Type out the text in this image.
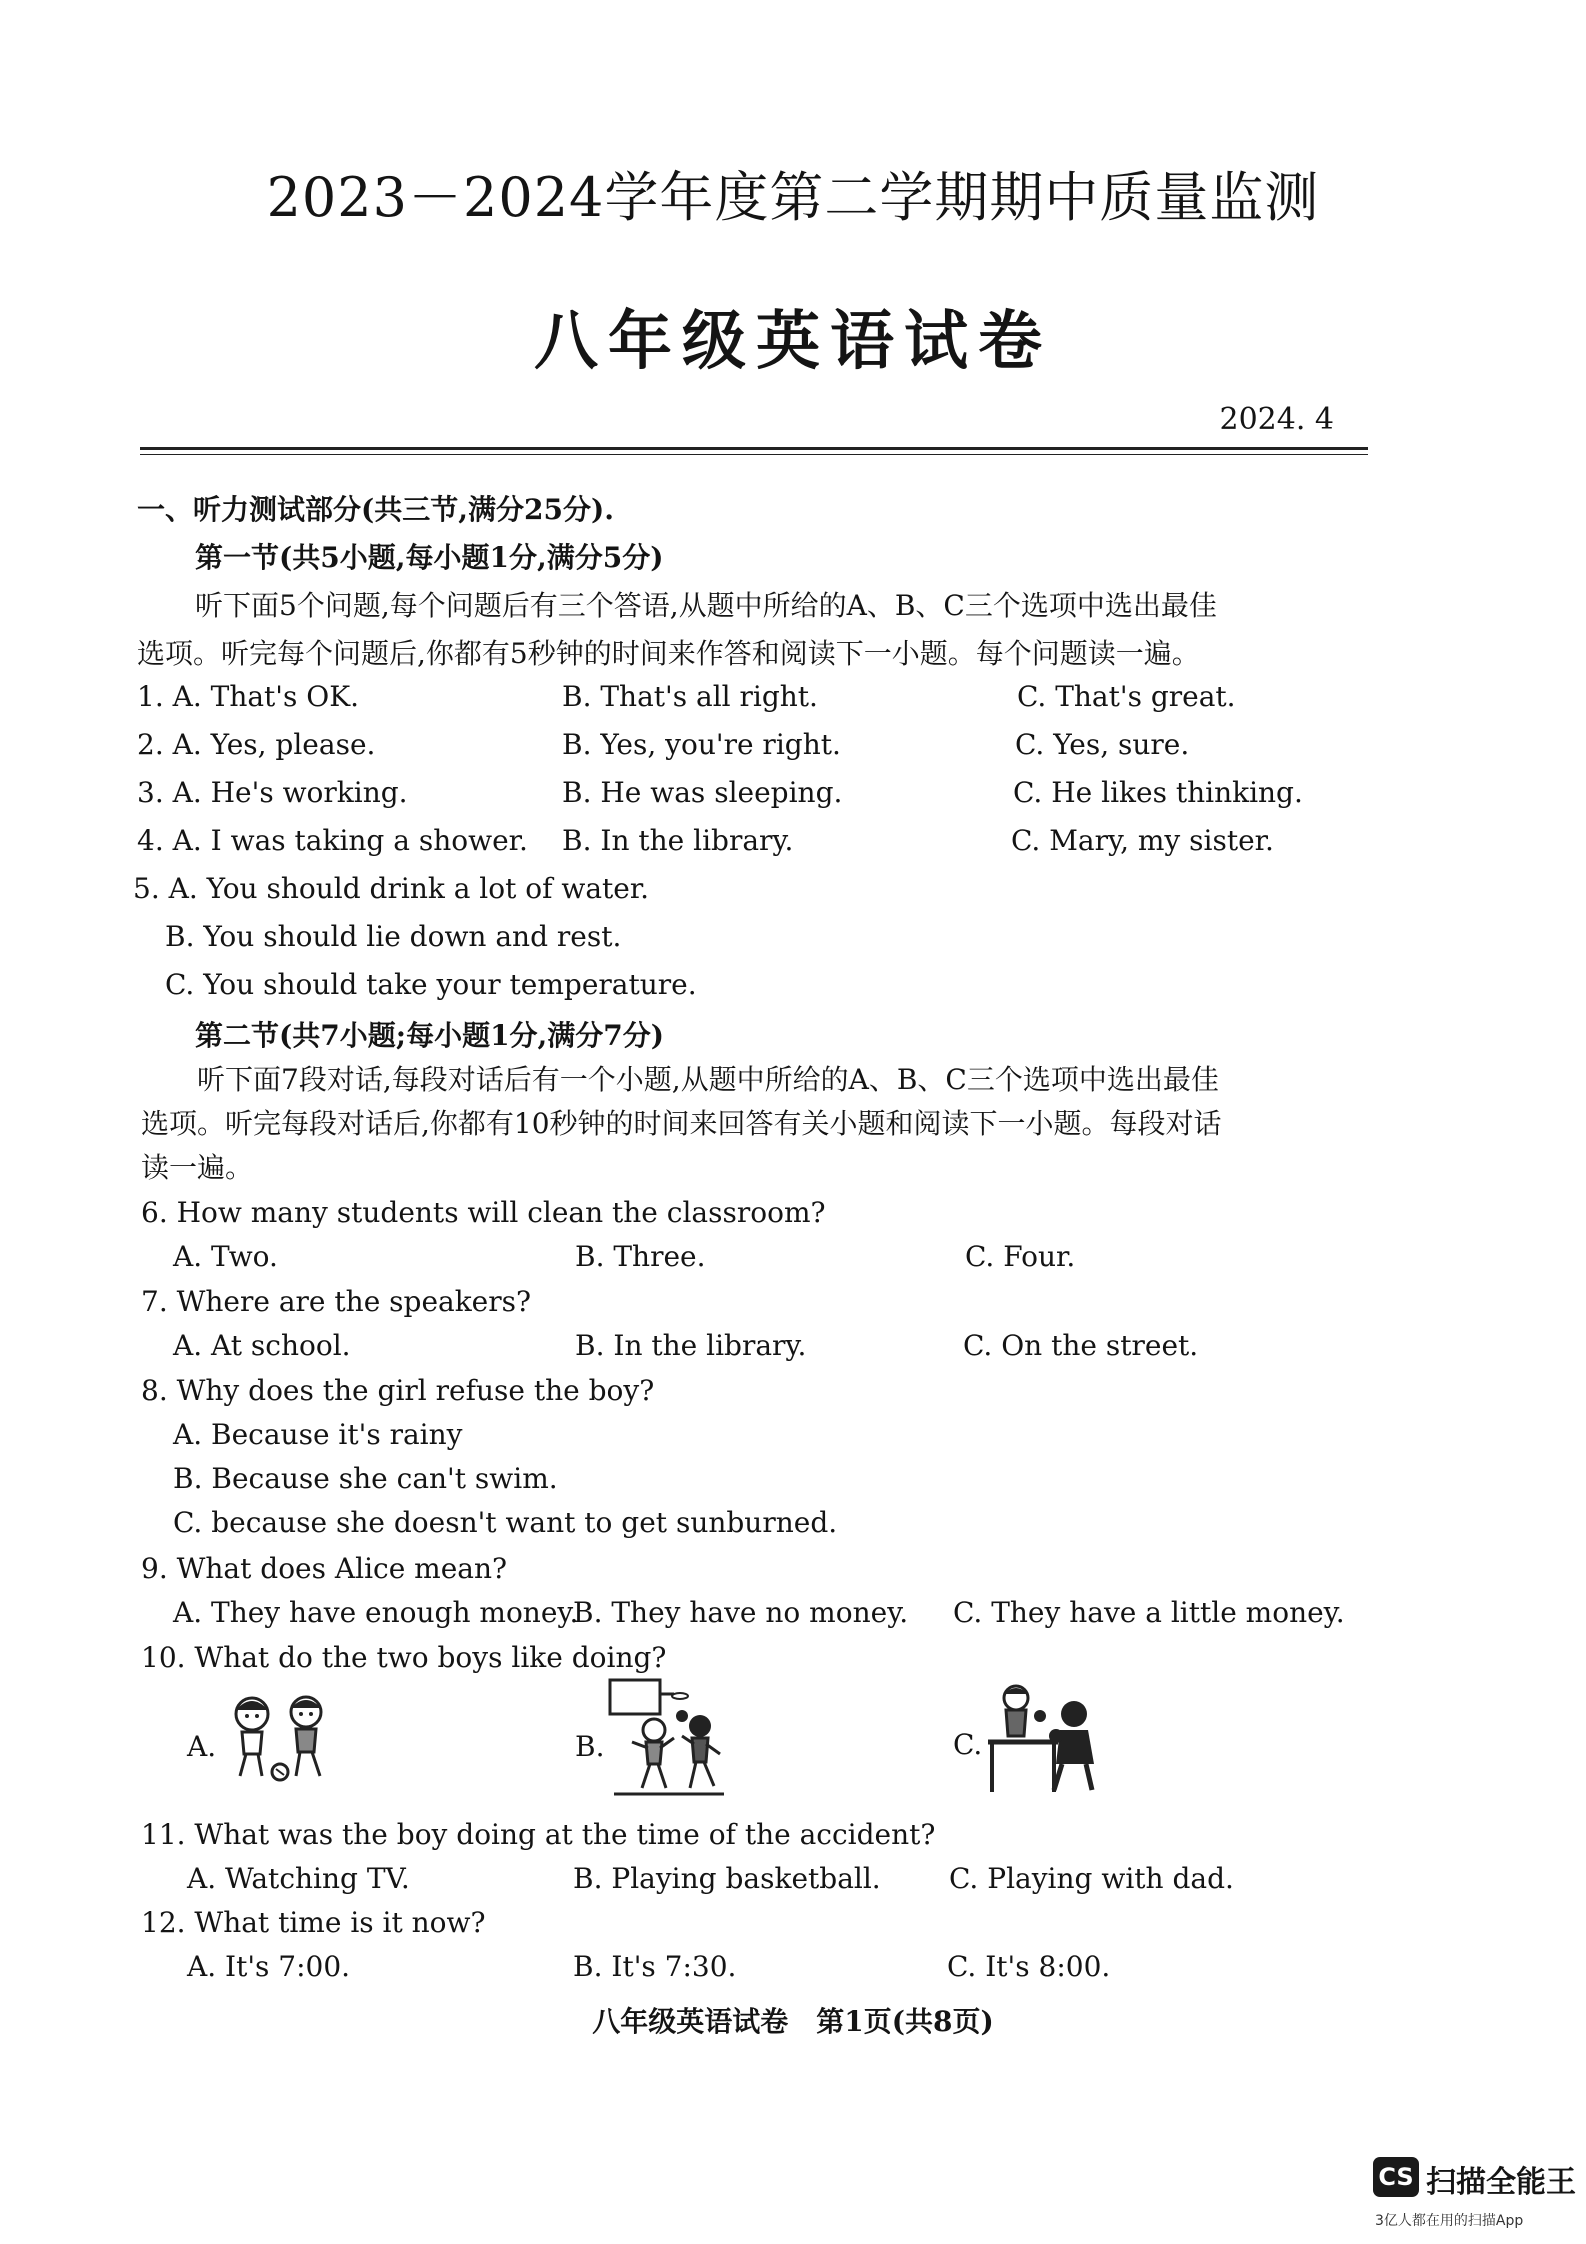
2023－2024学年度第二学期期中质量监测
八年级英语试卷
2024. 4
一、听力测试部分(共三节,满分25分).
第一节(共5小题,每小题1分,满分5分)
听下面5个问题,每个问题后有三个答语,从题中所给的A、B、C三个选项中选出最佳
选项。听完每个问题后,你都有5秒钟的时间来作答和阅读下一小题。每个问题读一遍。
1. A. That's OK.	B. That's all right.	C. That's great.
2. A. Yes, please.	B. Yes, you're right.	C. Yes, sure.
3. A. He's working.	B. He was sleeping.	C. He likes thinking.
4. A. I was taking a shower. B. In the library.	C. Mary, my sister.
5. A. You should drink a lot of water.
B. You should lie down and rest.
C. You should take your temperature.
第二节(共7小题;每小题1分,满分7分)
听下面7段对话,每段对话后有一个小题,从题中所给的A、B、C三个选项中选出最佳
选项。听完每段对话后,你都有10秒钟的时间来回答有关小题和阅读下一小题。每段对话
读一遍。
6. How many students will clean the classroom?
A. Two.	B. Three.	C. Four.
7. Where are the speakers?
A. At school.	B. In the library.	C. On the street.
8. Why does the girl refuse the boy?
A. Because it's rainy
B. Because she can't swim.
C. because she doesn't want to get sunburned.
9. What does Alice mean?
A. They have enough money.
B. They have no money. C. They have a little money.
10. What do the two boys like doing?
A.	B.	C.
11. What was the boy doing at the time of the accident?
A. Watching TV.	B. Playing basketball. C. Playing with dad.
12. What time is it now?
A. It's 7:00.	B. It's 7:30.	C. It's 8:00.
八年级英语试卷　第1页(共8页)
CS 扫描全能王
3亿人都在用的扫描App
